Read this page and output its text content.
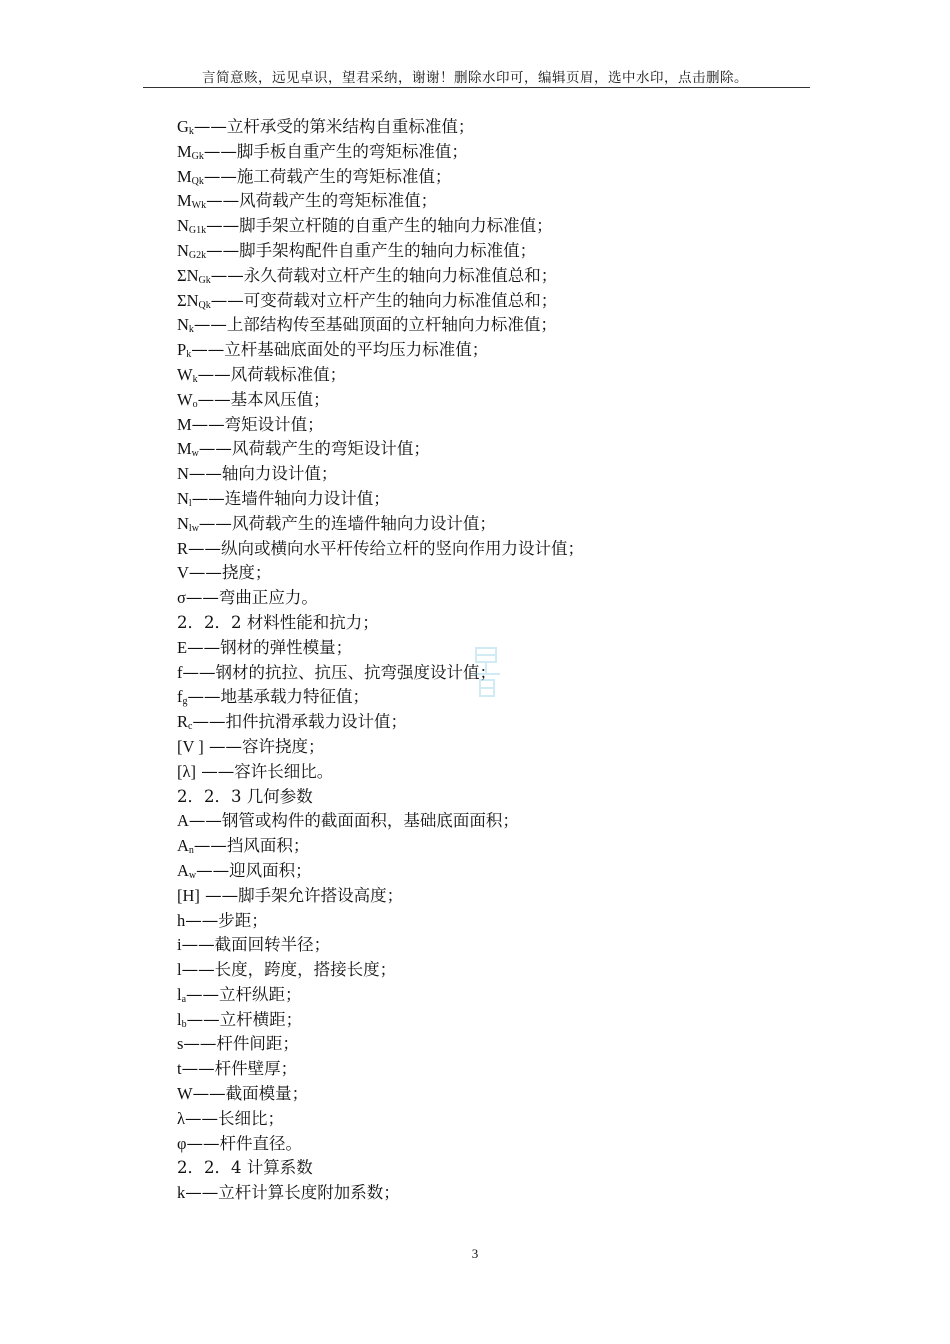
言简意赅，远见卓识，望君采纳，谢谢！删除水印可，编辑页眉，选中水印，点击删除。
$G_k——$立杆承受的第米结构自重标准值；
$M_{Gk}——$脚手板自重产生的弯矩标准值；
$M_{Qk}——$施工荷载产生的弯矩标准值；
$M_{Wk}——$风荷载产生的弯矩标准值；
$N_{G1k}——$脚手架立杆随的自重产生的轴向力标准值；
$N_{G2k}——$脚手架构配件自重产生的轴向力标准值；
$\Sigma N_{Gk}——$永久荷载对立杆产生的轴向力标准值总和；
$\Sigma N_{Qk}——$可变荷载对立杆产生的轴向力标准值总和；
$N_k——$上部结构传至基础顶面的立杆轴向力标准值；
$P_k——$立杆基础底面处的平均压力标准值；
$W_k——$风荷载标准值；
$W_o——$基本风压值；
M——弯矩设计值；
$M_w——$风荷载产生的弯矩设计值；
N——轴向力设计值；
$N_l——$连墙件轴向力设计值；
$N_{lw}——$风荷载产生的连墙件轴向力设计值；
R——纵向或横向水平杆传给立杆的竖向作用力设计值；
V——挠度；
σ——弯曲正应力。
2．2．2 材料性能和抗力；
E——钢材的弹性模量；
f——钢材的抗拉、抗压、抗弯强度设计值；
$f_g——$地基承载力特征值；
$R_c——$扣件抗滑承载力设计值；
[V ] ——容许挠度；
[λ] ——容许长细比。
2．2．3 几何参数
A——钢管或构件的截面面积，基础底面面积；
$A_n——$挡风面积；
$A_w——$迎风面积；
[H] ——脚手架允许搭设高度；
h——步距；
i——截面回转半径；
l——长度，跨度，搭接长度；
$l_a——$立杆纵距；
$l_b——$立杆横距；
s——杆件间距；
t——杆件壁厚；
W——截面模量；
λ——长细比；
φ——杆件直径。
2．2．4 计算系数
k——立杆计算长度附加系数；
3
